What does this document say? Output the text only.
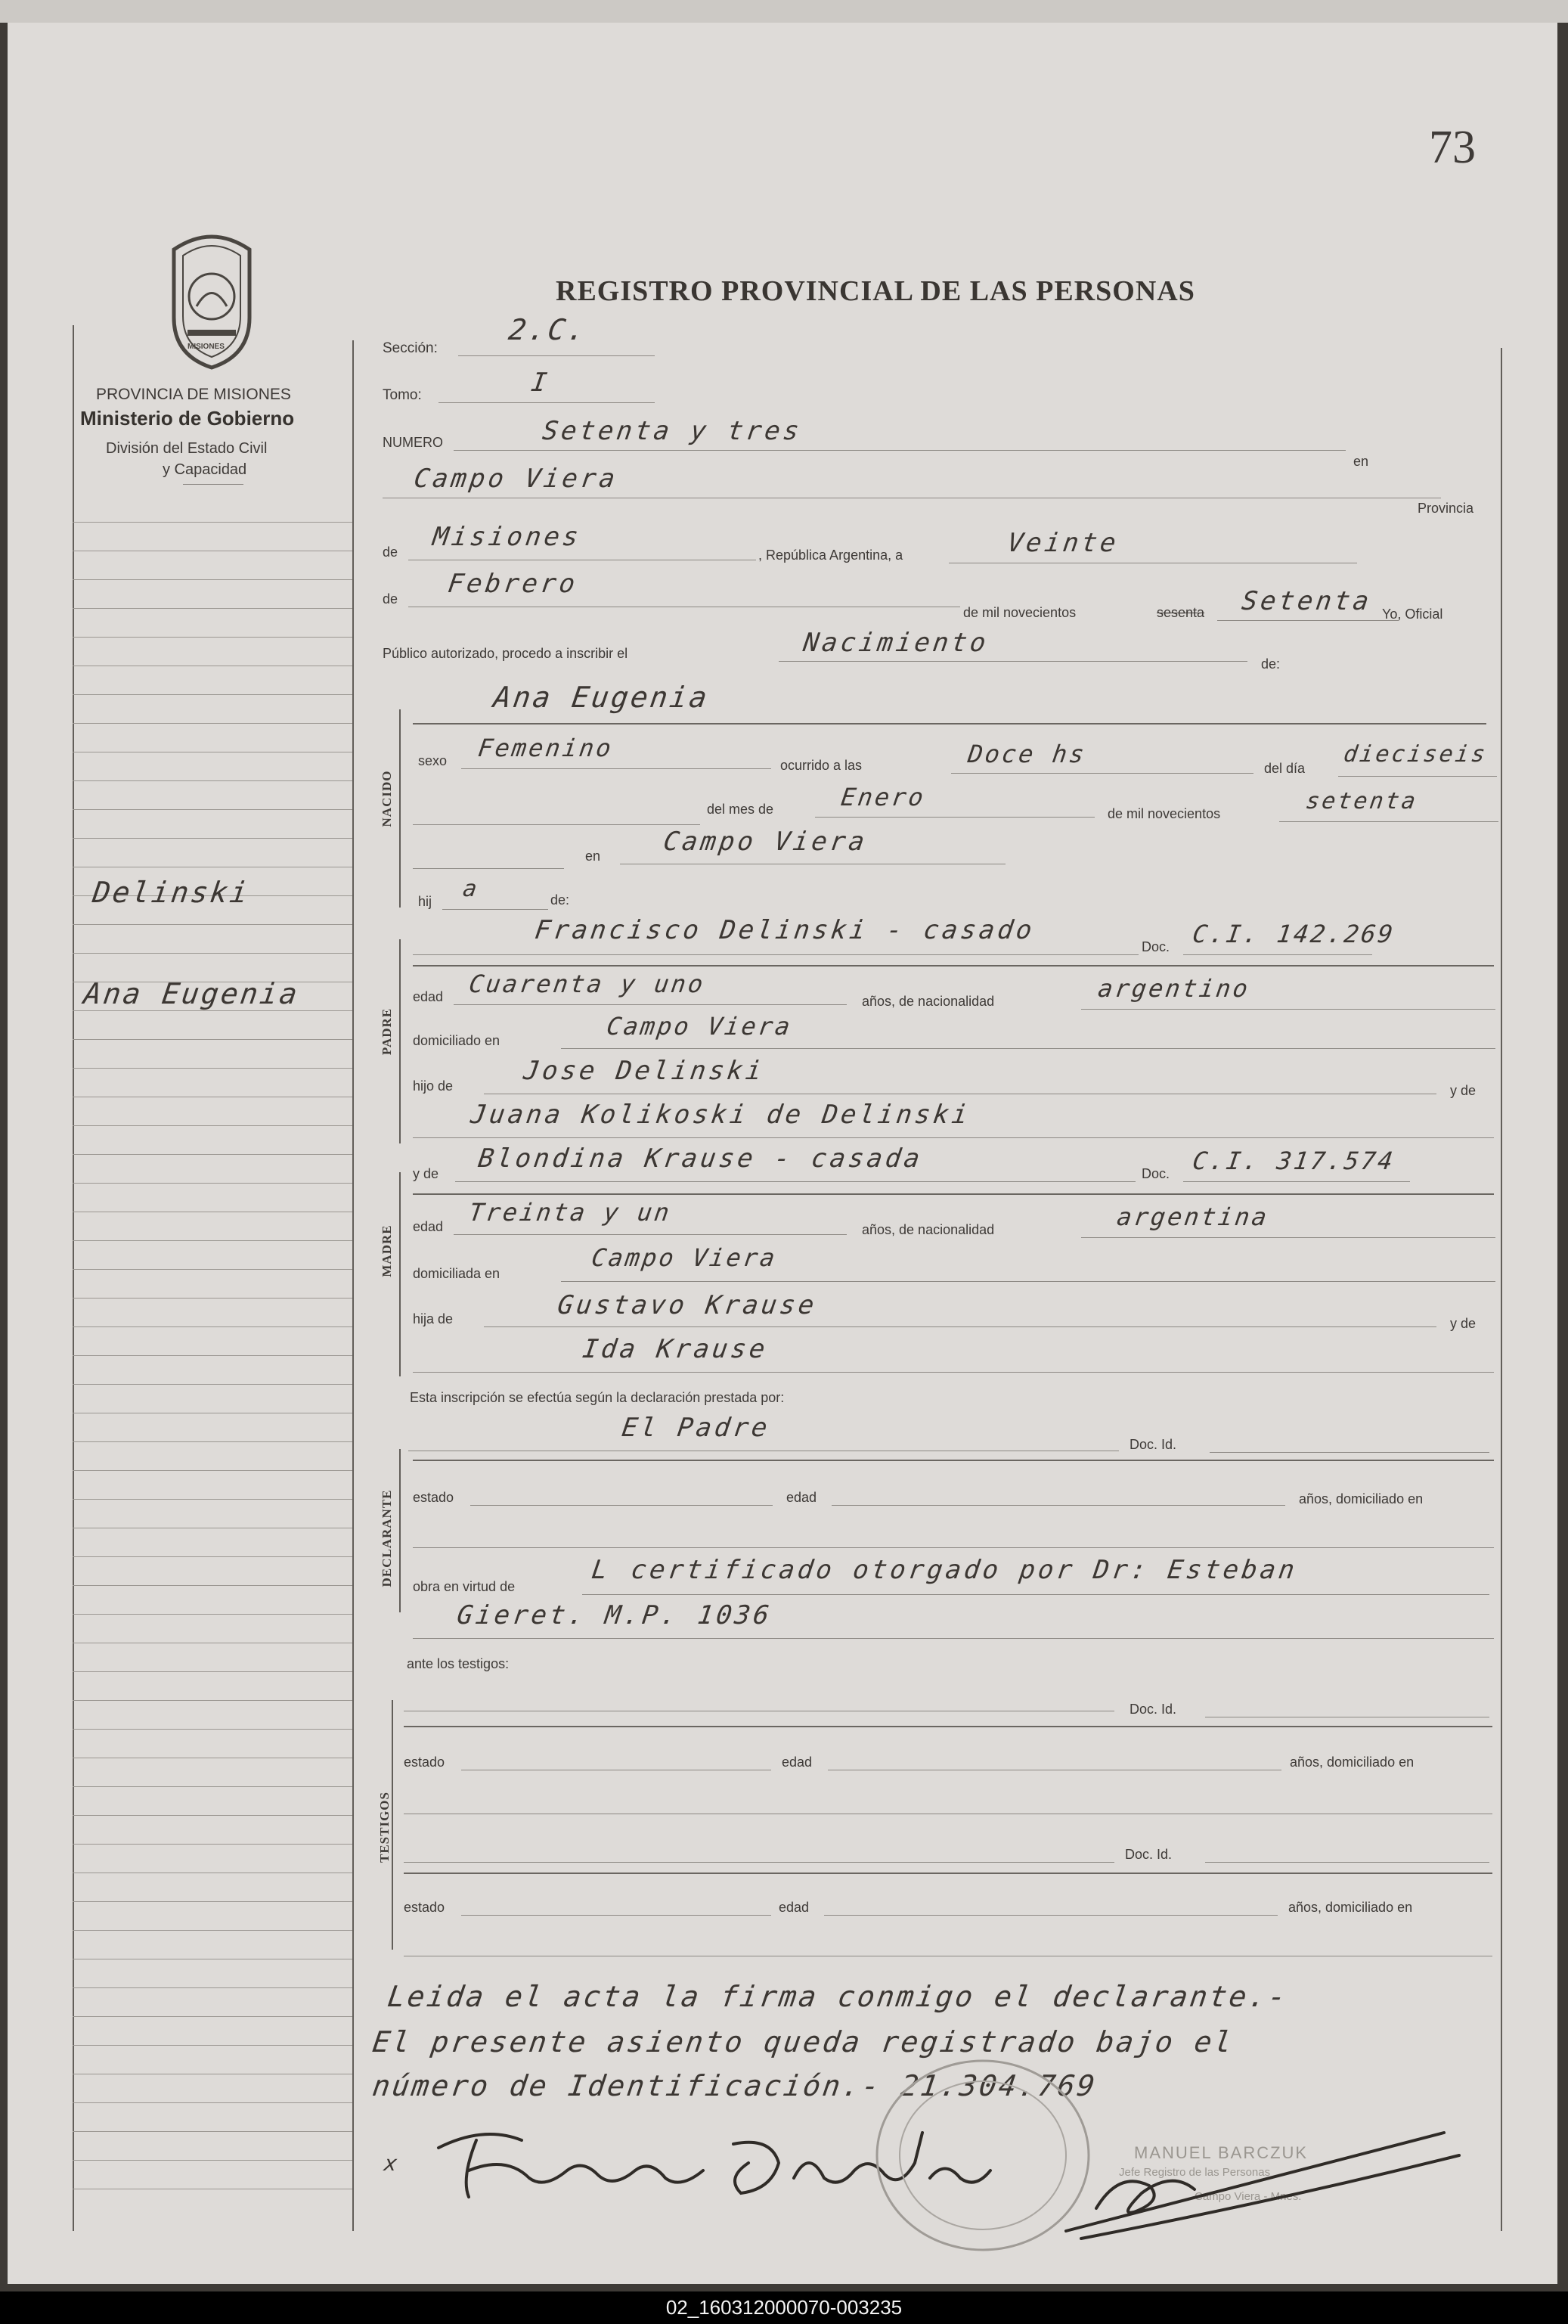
73
REGISTRO PROVINCIAL DE LAS PERSONAS
MISIONES
PROVINCIA DE MISIONES
Ministerio de Gobierno
División del Estado Civil
y Capacidad
Delinski
Ana Eugenia
Sección:
2.C.
Tomo:	I
NUMERO	Setenta y tres
en
Campo Viera
Provincia
de Misiones
, República Argentina, a	Veinte
de Febrero
de mil novecientos	sesenta Setenta Yo, Oficial
Público autorizado, procedo a inscribir el	Nacimiento
de:
NACIDO
Ana Eugenia
sexo Femenino
ocurrido a las	Doce hs	del día
dieciseis
del mes de	Enero
de mil novecientos	setenta
en Campo Viera
hij a	de:
Francisco Delinski - casado
Doc. C.I. 142.269
PADRE
edad Cuarenta y uno
años, de nacionalidad	argentino
domiciliado en	Campo Viera
hijo de	Jose Delinski
y de
Juana Kolikoski de Delinski
y de Blondina Krause - casada	Doc. C.I. 317.574
MADRE edad Treinta y un
años, de nacionalidad	argentina
domiciliada en
Campo Viera
hija de	Gustavo Krause
y de
Ida Krause
Esta inscripción se efectúa según la declaración prestada por:
DECLARANTE
El Padre
Doc. Id.
estado	edad	años, domiciliado en
obra en virtud de
L certificado otorgado por Dr: Esteban
Gieret. M.P. 1036
ante los testigos:
TESTIGOS
Doc. Id.
estado	edad	años, domiciliado en
Doc. Id.
estado	edad	años, domiciliado en
Leida el acta la firma conmigo el declarante.-
El presente asiento queda registrado bajo el
número de Identificación.- 21.304.769
x	MANUEL BARCZUK
Jefe Registro de las Personas
Campo Viera - Mnes.
02_160312000070-003235
